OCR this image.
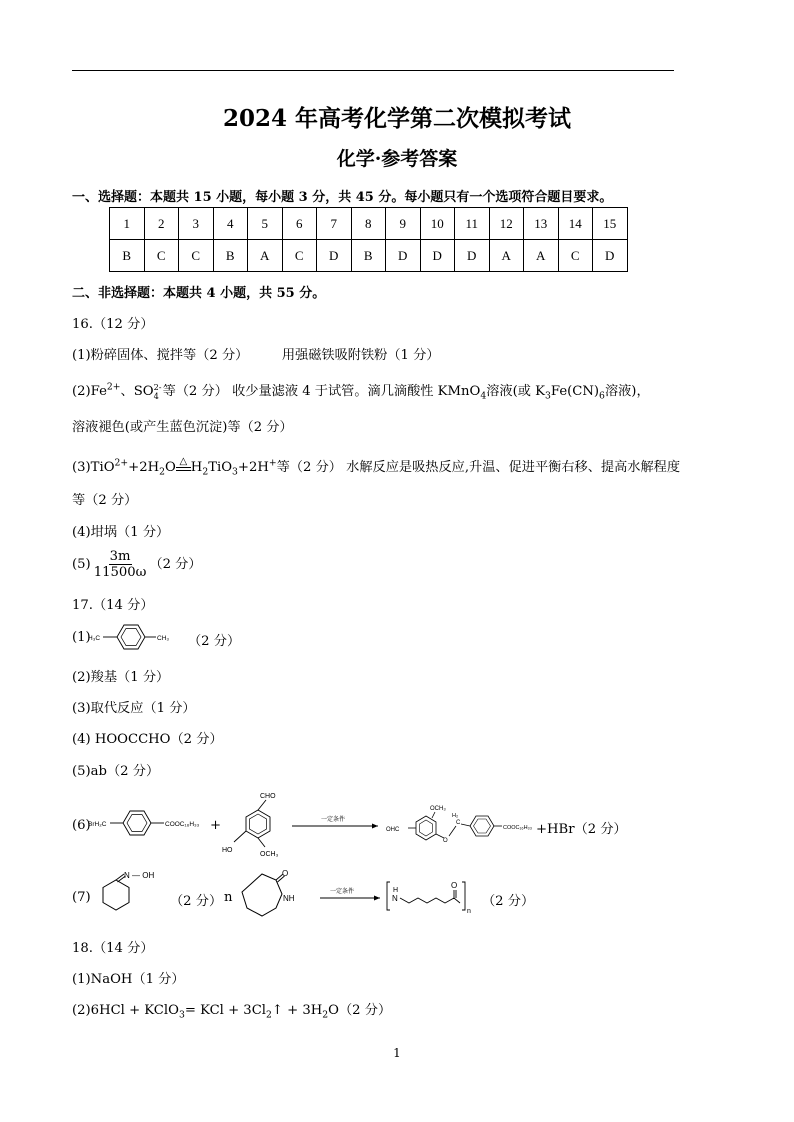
2024 年高考化学第二次模拟考试
化学·参考答案
一、选择题：本题共 15 小题，每小题 3 分，共 45 分。每小题只有一个选项符合题目要求。
1	2	3	4	5	6	7	8	9	10	11	12	13	14	15
B	C	C	B	A	C	D	B	D	D	D	A	A	C	D
二、非选择题：本题共 4 小题，共 55 分。
16.（12 分）
(1)粉碎固体、搅拌等（2 分）        用强磁铁吸附铁粉（1 分）
$(2)Fe^{2+}$、SO 2-
4 等（2 分） 收少量滤液 4 于试管。滴几滴酸性 KMnO$_4$溶液(或 $K_3Fe(CN)_6$溶液)，
溶液褪色(或产生蓝色沉淀)等（2 分）
$(3)TiO^{2+}+2H_2O$ △ $H_2TiO_3+2H^+$等（2 分） 水解反应是吸热反应,升温、促进平衡右移、提高水解程度
等（2 分）
(4)坩埚（1 分）
$(5) \frac{3m}{11500\omega} (2$ 分）
17.（14 分）
(1)
H₃C	CH₃ （2 分）
(2)羧基（1 分）
(3)取代反应（1 分）
(4) HOOCCHO（2 分）
(5)ab（2 分）
(6)
BrH₂C	COOC₁₆H₃₃ +
CHO
HO
OCH₃
一定条件
OCH₃
OHC
O
H₂
C
COOC₁₆H₃₃ +HBr（2 分）
(7)
N — OH
（2 分） n
O
NH
一定条件	H
N
O
n
（2 分）
18.（14 分）
(1)NaOH（1 分）
(2)6HCl + KClO$_3$= KCl + $3Cl_2↑ + 3H_2O(2$ 分）
1
